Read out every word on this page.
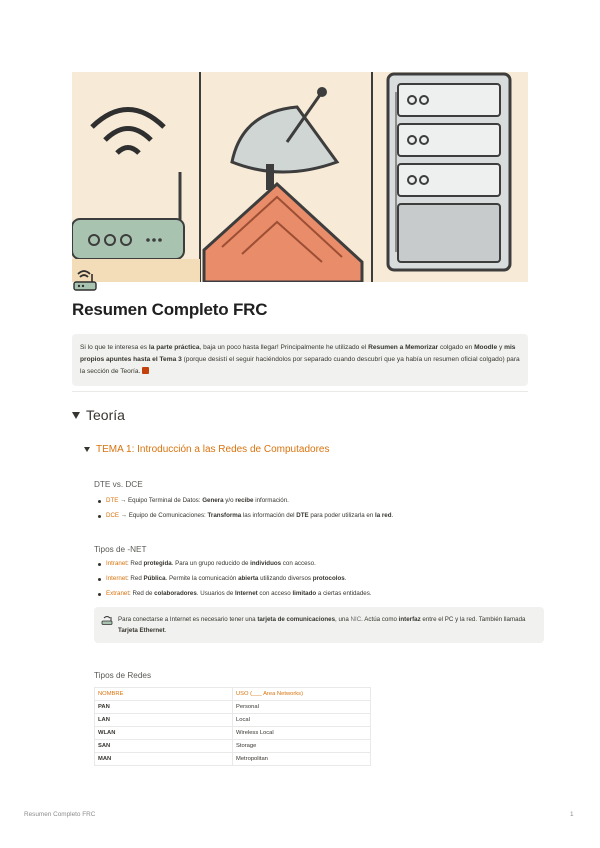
Resumen Completo FRC
Si lo que te interesa es la parte práctica, baja un poco hasta llegar! Principalmente he utilizado el Resumen a Memorizar colgado en Moodle y mis propios apuntes hasta el Tema 3 (porque desistí el seguir haciéndolos por separado cuando descubrí que ya había un resumen oficial colgado) para la sección de Teoría.
Teoría
TEMA 1: Introducción a las Redes de Computadores
DTE vs. DCE
DTE → Equipo Terminal de Datos: Genera y/o recibe información.
DCE → Equipo de Comunicaciones: Transforma las información del DTE para poder utilizarla en la red.
Tipos de -NET
Intranet: Red protegida. Para un grupo reducido de individuos con acceso.
Internet: Red Pública. Permite la comunicación abierta utilizando diversos protocolos.
Extranet: Red de colaboradores. Usuarios de Internet con acceso limitado a ciertas entidades.
Para conectarse a Internet es necesario tener una tarjeta de comunicaciones, una NIC. Actúa como interfaz entre el PC y la red. También llamada Tarjeta Ethernet.
Tipos de Redes
NOMBRE	USO (___ Area Networks)
PAN	Personal
LAN	Local
WLAN	Wireless Local
SAN	Storage
MAN	Metropolitan
Resumen Completo FRC	1
